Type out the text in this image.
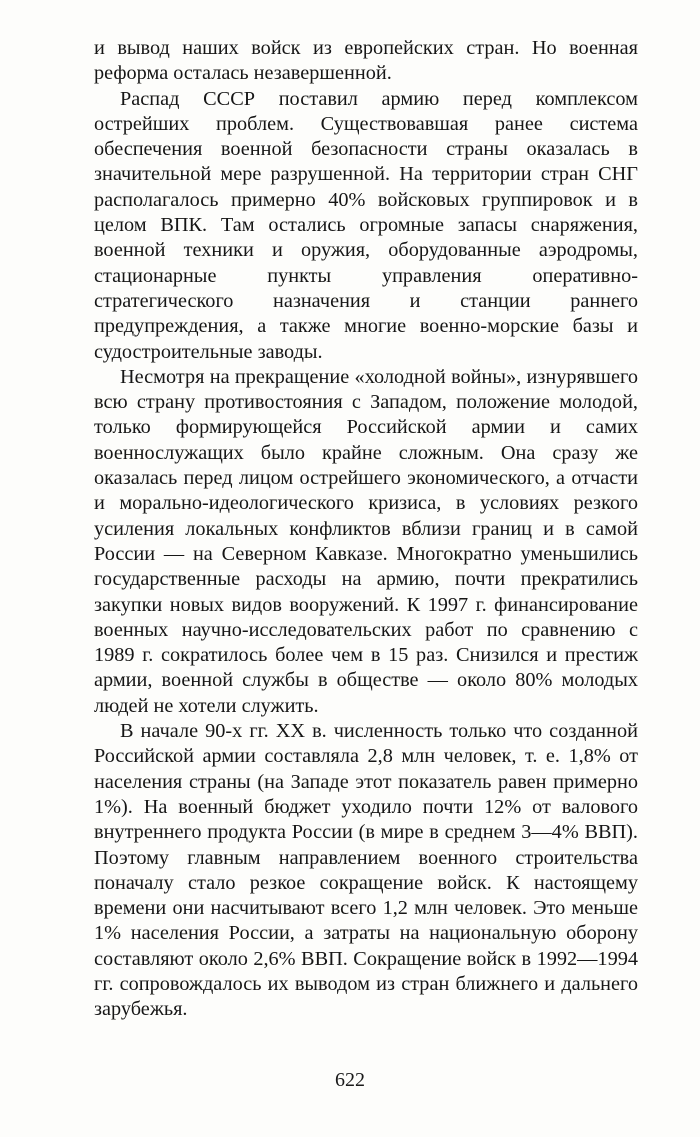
и вывод наших войск из европейских стран. Но военная реформа осталась незавершенной.

Распад СССР поставил армию перед комплексом острейших проблем. Существовавшая ранее система обеспечения военной безопасности страны оказалась в значительной мере разрушенной. На территории стран СНГ располагалось примерно 40% войсковых группировок и в целом ВПК. Там остались огромные запасы снаряжения, военной техники и оружия, оборудованные аэродромы, стационарные пункты управления оперативно-стратегического назначения и станции раннего предупреждения, а также многие военно-морские базы и судостроительные заводы.

Несмотря на прекращение «холодной войны», изнурявшего всю страну противостояния с Западом, положение молодой, только формирующейся Российской армии и самих военнослужащих было крайне сложным. Она сразу же оказалась перед лицом острейшего экономического, а отчасти и морально-идеологического кризиса, в условиях резкого усиления локальных конфликтов вблизи границ и в самой России — на Северном Кавказе. Многократно уменьшились государственные расходы на армию, почти прекратились закупки новых видов вооружений. К 1997 г. финансирование военных научно-исследовательских работ по сравнению с 1989 г. сократилось более чем в 15 раз. Снизился и престиж армии, военной службы в обществе — около 80% молодых людей не хотели служить.

В начале 90-х гг. XX в. численность только что созданной Российской армии составляла 2,8 млн человек, т. е. 1,8% от населения страны (на Западе этот показатель равен примерно 1%). На военный бюджет уходило почти 12% от валового внутреннего продукта России (в мире в среднем 3—4% ВВП). Поэтому главным направлением военного строительства поначалу стало резкое сокращение войск. К настоящему времени они насчитывают всего 1,2 млн человек. Это меньше 1% населения России, а затраты на национальную оборону составляют около 2,6% ВВП. Сокращение войск в 1992—1994 гг. сопровождалось их выводом из стран ближнего и дальнего зарубежья.

622
